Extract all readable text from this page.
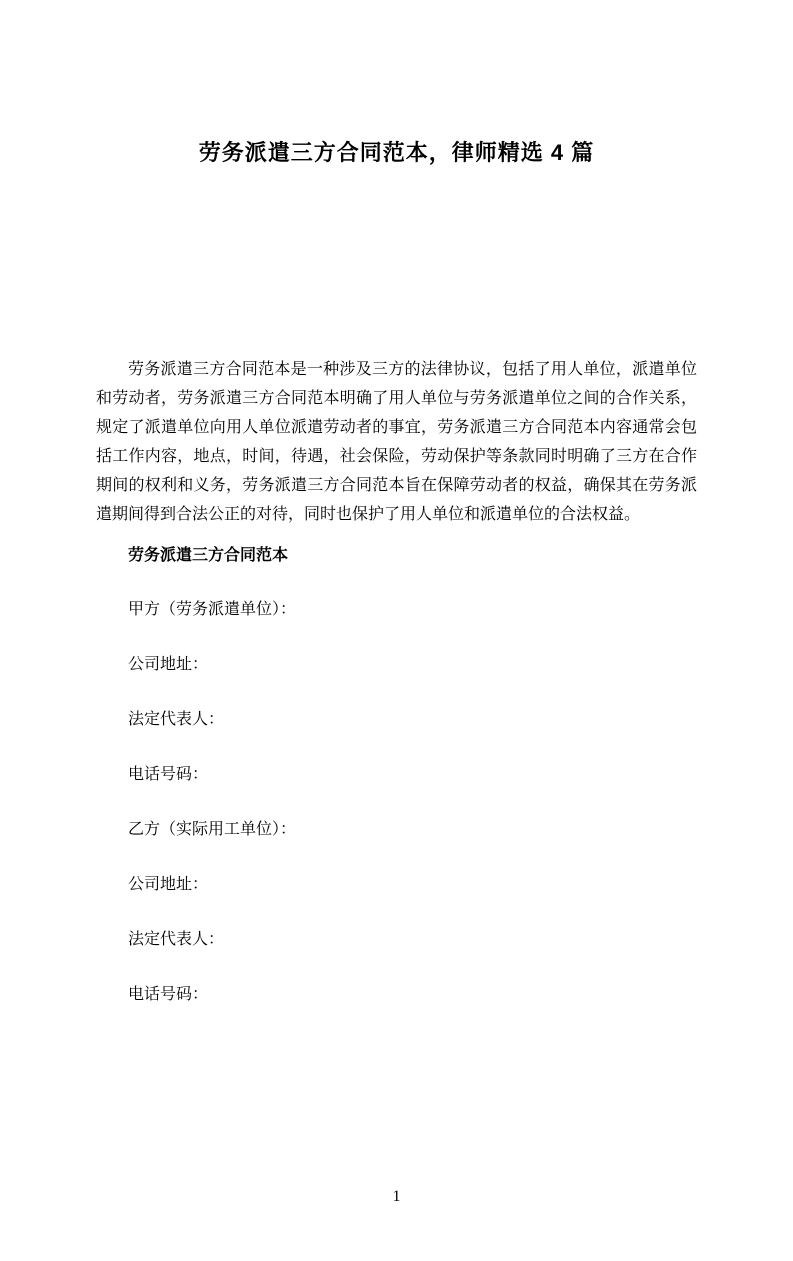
劳务派遣三方合同范本，律师精选 4 篇

劳务派遣三方合同范本是一种涉及三方的法律协议，包括了用人单位，派遣单位和劳动者，劳务派遣三方合同范本明确了用人单位与劳务派遣单位之间的合作关系，规定了派遣单位向用人单位派遣劳动者的事宜，劳务派遣三方合同范本内容通常会包括工作内容，地点，时间，待遇，社会保险，劳动保护等条款同时明确了三方在合作期间的权利和义务，劳务派遣三方合同范本旨在保障劳动者的权益，确保其在劳务派遣期间得到合法公正的对待，同时也保护了用人单位和派遣单位的合法权益。

劳务派遣三方合同范本

甲方（劳务派遣单位）：

公司地址：

法定代表人：

电话号码：

乙方（实际用工单位）：

公司地址：

法定代表人：

电话号码：

1
